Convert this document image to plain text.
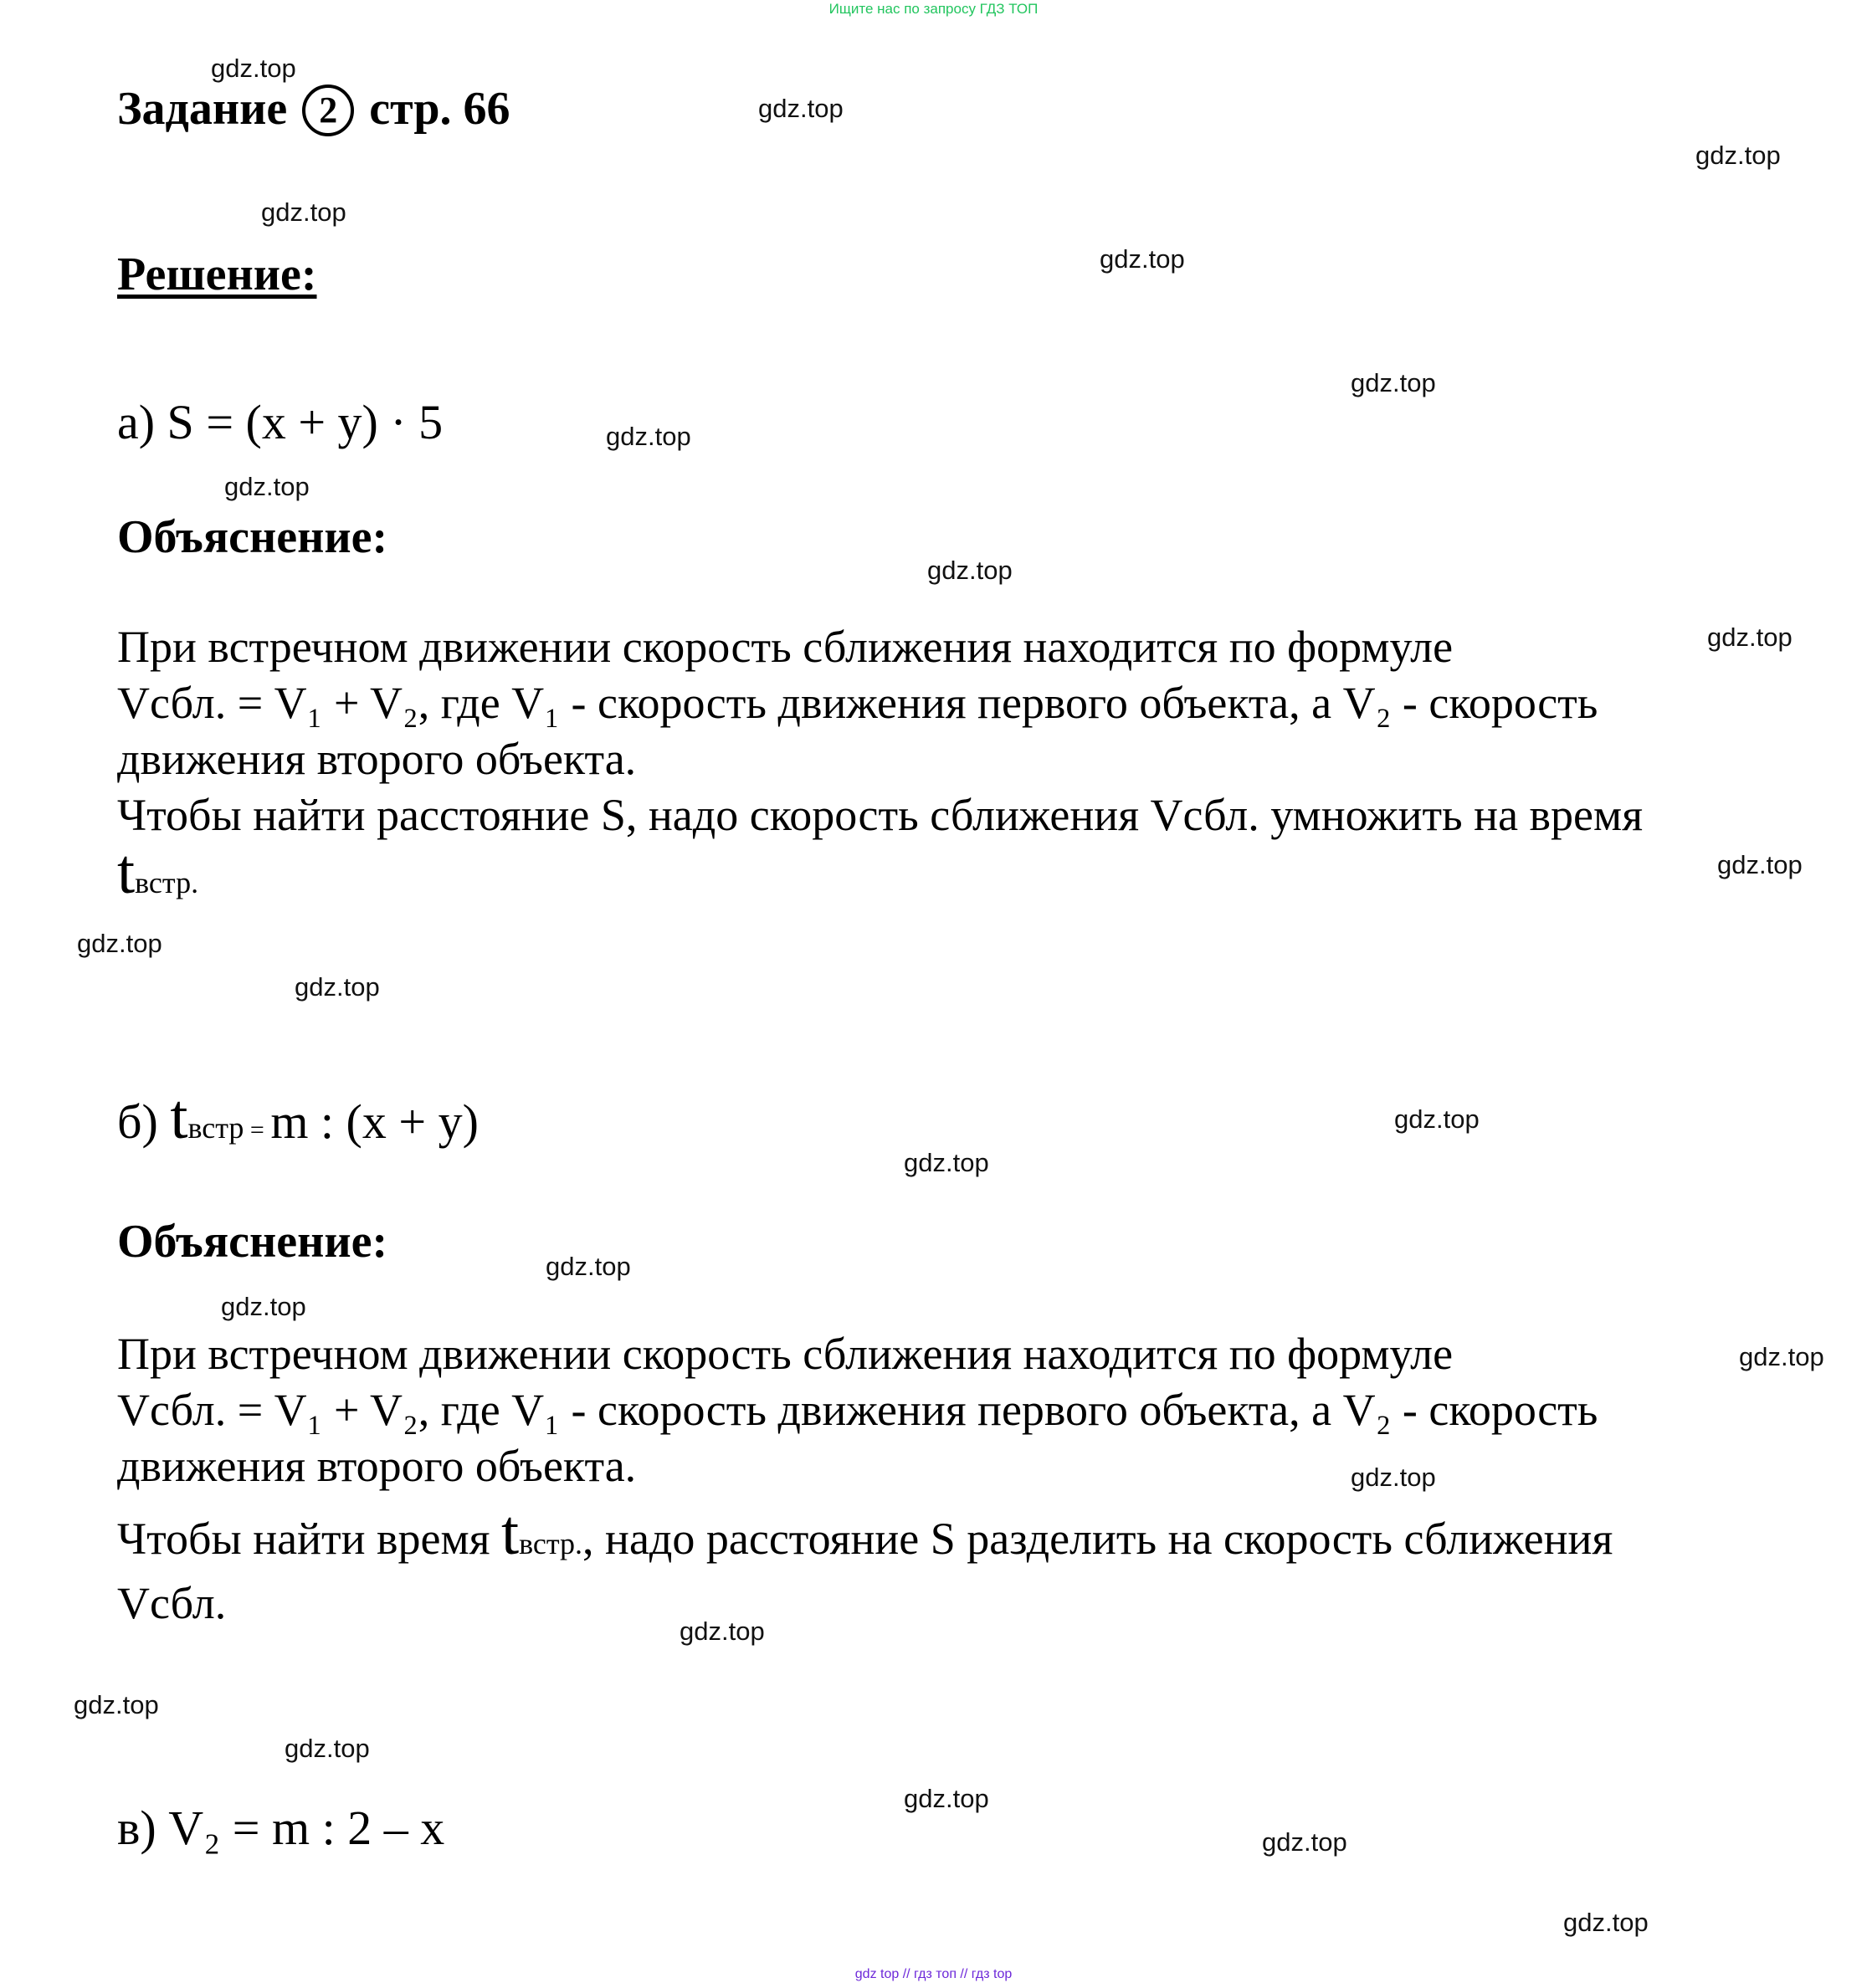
Ищите нас по запросу ГДЗ ТОП
Задание 2 стр. 66
Решение:
а) S = (x + y) · 5
Объяснение:
При встречном движении скорость сближения находится по формуле
Vсбл. = V₁ + V₂, где V₁ - скорость движения первого объекта, а V₂ - скорость
движения второго объекта.
Чтобы найти расстояние S, надо скорость сближения Vсбл. умножить на время
tвстр.
б) tвстр = m : (x + y)
Объяснение:
При встречном движении скорость сближения находится по формуле
Vсбл. = V₁ + V₂, где V₁ - скорость движения первого объекта, а V₂ - скорость
движения второго объекта.
Чтобы найти время tвстр., надо расстояние S разделить на скорость сближения
Vсбл.
в) V₂ = m : 2 – x
gdz.top
gdz.top
gdz.top
gdz.top
gdz.top
gdz.top
gdz.top
gdz.top
gdz.top
gdz.top
gdz.top
gdz.top
gdz.top
gdz.top
gdz.top
gdz.top
gdz.top
gdz.top
gdz.top
gdz.top
gdz.top
gdz.top
gdz.top
gdz.top
gdz.top
gdz top // гдз топ // гдз top
